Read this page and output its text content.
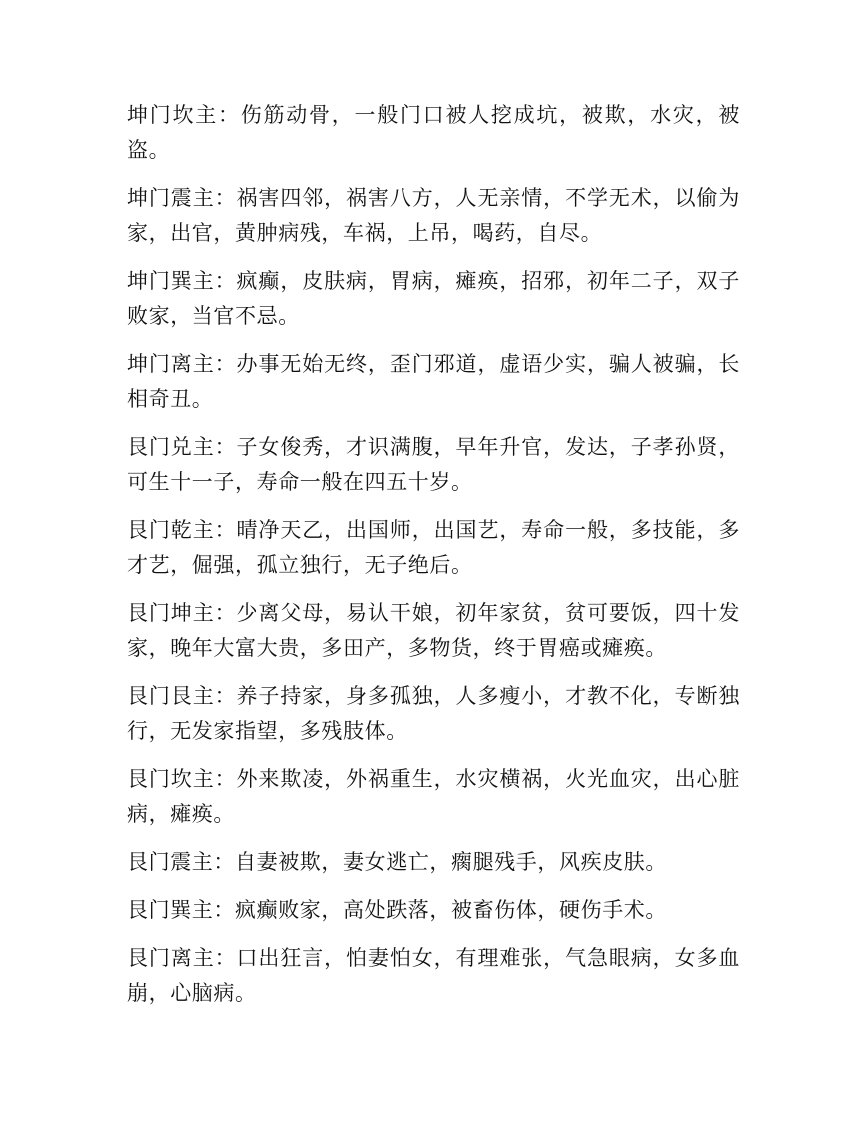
坤门坎主：伤筋动骨，一般门口被人挖成坑，被欺，水灾，被盗。

坤门震主：祸害四邻，祸害八方，人无亲情，不学无术，以偷为家，出官，黄肿病残，车祸，上吊，喝药，自尽。

坤门巽主：疯癫，皮肤病，胃病，瘫痪，招邪，初年二子，双子败家，当官不忌。

坤门离主：办事无始无终，歪门邪道，虚语少实，骗人被骗，长相奇丑。

艮门兑主：子女俊秀，才识满腹，早年升官，发达，子孝孙贤，可生十一子，寿命一般在四五十岁。

艮门乾主：晴净天乙，出国师，出国艺，寿命一般，多技能，多才艺，倔强，孤立独行，无子绝后。

艮门坤主：少离父母，易认干娘，初年家贫，贫可要饭，四十发家，晚年大富大贵，多田产，多物货，终于胃癌或瘫痪。

艮门艮主：养子持家，身多孤独，人多瘦小，才教不化，专断独行，无发家指望，多残肢体。

艮门坎主：外来欺凌，外祸重生，水灾横祸，火光血灾，出心脏病，瘫痪。

艮门震主：自妻被欺，妻女逃亡，瘸腿残手，风疾皮肤。

艮门巽主：疯癫败家，高处跌落，被畜伤体，硬伤手术。

艮门离主：口出狂言，怕妻怕女，有理难张，气急眼病，女多血崩，心脑病。
